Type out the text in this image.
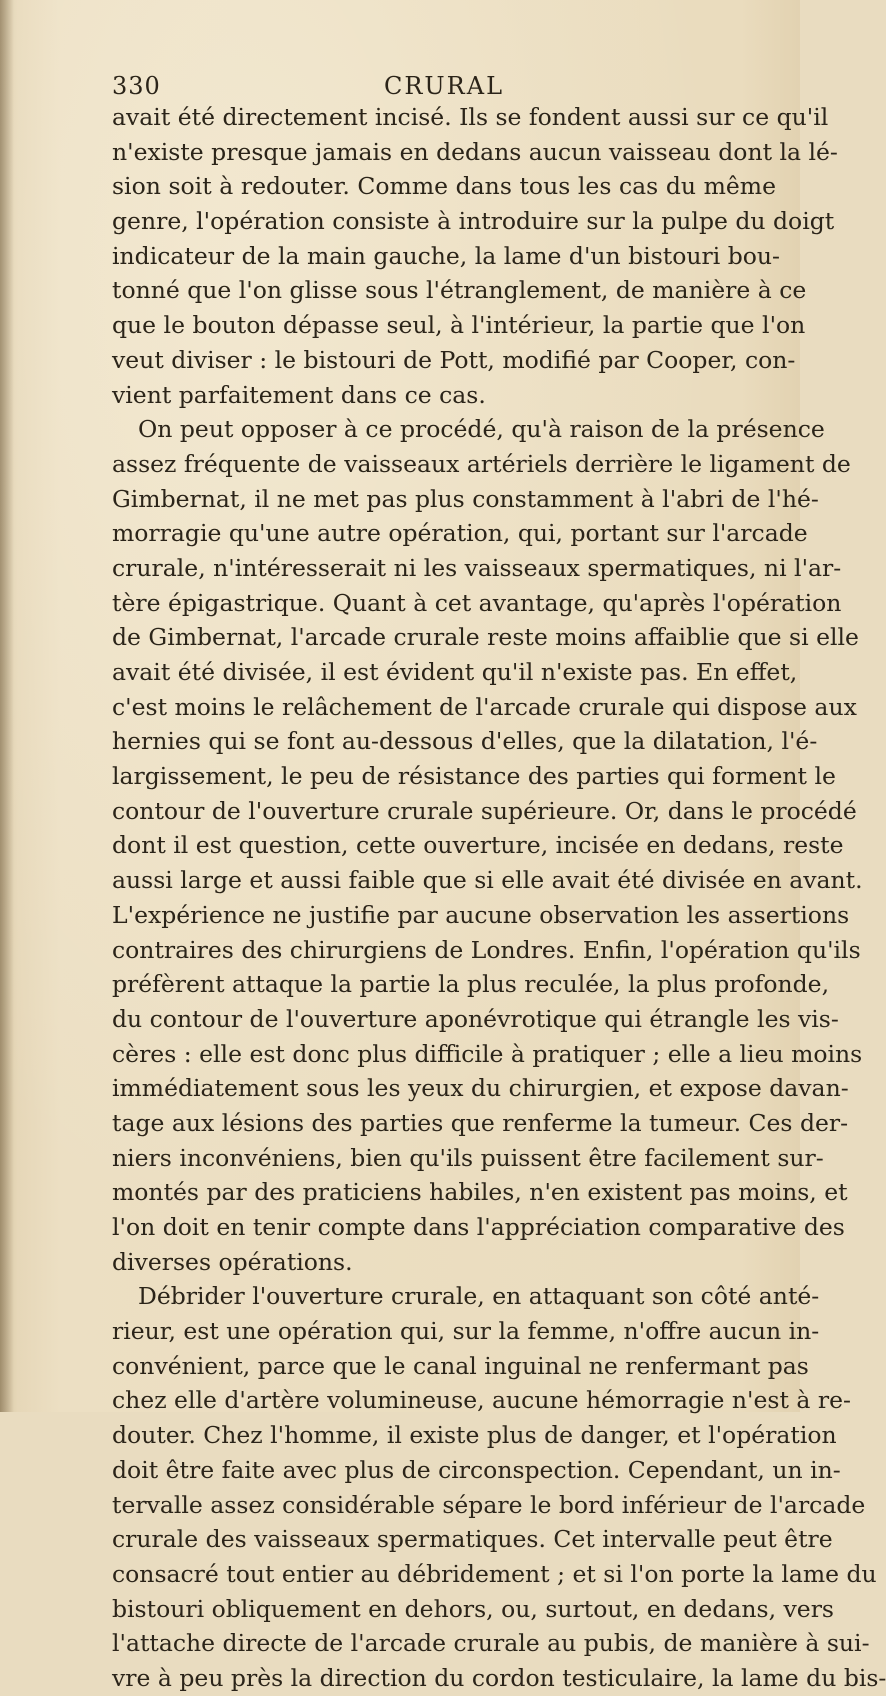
330	CRURAL
avait été directement incisé. Ils se fondent aussi sur ce qu'il
n'existe presque jamais en dedans aucun vaisseau dont la lé-
sion soit à redouter. Comme dans tous les cas du même
genre, l'opération consiste à introduire sur la pulpe du doigt
indicateur de la main gauche, la lame d'un bistouri bou-
tonné que l'on glisse sous l'étranglement, de manière à ce
que le bouton dépasse seul, à l'intérieur, la partie que l'on
veut diviser : le bistouri de Pott, modifié par Cooper, con-
vient parfaitement dans ce cas.
On peut opposer à ce procédé, qu'à raison de la présence
assez fréquente de vaisseaux artériels derrière le ligament de
Gimbernat, il ne met pas plus constamment à l'abri de l'hé-
morragie qu'une autre opération, qui, portant sur l'arcade
crurale, n'intéresserait ni les vaisseaux spermatiques, ni l'ar-
tère épigastrique. Quant à cet avantage, qu'après l'opération
de Gimbernat, l'arcade crurale reste moins affaiblie que si elle
avait été divisée, il est évident qu'il n'existe pas. En effet,
c'est moins le relâchement de l'arcade crurale qui dispose aux
hernies qui se font au-dessous d'elles, que la dilatation, l'é-
largissement, le peu de résistance des parties qui forment le
contour de l'ouverture crurale supérieure. Or, dans le procédé
dont il est question, cette ouverture, incisée en dedans, reste
aussi large et aussi faible que si elle avait été divisée en avant.
L'expérience ne justifie par aucune observation les assertions
contraires des chirurgiens de Londres. Enfin, l'opération qu'ils
préfèrent attaque la partie la plus reculée, la plus profonde,
du contour de l'ouverture aponévrotique qui étrangle les vis-
cères : elle est donc plus difficile à pratiquer ; elle a lieu moins
immédiatement sous les yeux du chirurgien, et expose davan-
tage aux lésions des parties que renferme la tumeur. Ces der-
niers inconvéniens, bien qu'ils puissent être facilement sur-
montés par des praticiens habiles, n'en existent pas moins, et
l'on doit en tenir compte dans l'appréciation comparative des
diverses opérations.
Débrider l'ouverture crurale, en attaquant son côté anté-
rieur, est une opération qui, sur la femme, n'offre aucun in-
convénient, parce que le canal inguinal ne renfermant pas
chez elle d'artère volumineuse, aucune hémorragie n'est à re-
douter. Chez l'homme, il existe plus de danger, et l'opération
doit être faite avec plus de circonspection. Cependant, un in-
tervalle assez considérable sépare le bord inférieur de l'arcade
crurale des vaisseaux spermatiques. Cet intervalle peut être
consacré tout entier au débridement ; et si l'on porte la lame du
bistouri obliquement en dehors, ou, surtout, en dedans, vers
l'attache directe de l'arcade crurale au pubis, de manière à sui-
vre à peu près la direction du cordon testiculaire, la lame du bis-
